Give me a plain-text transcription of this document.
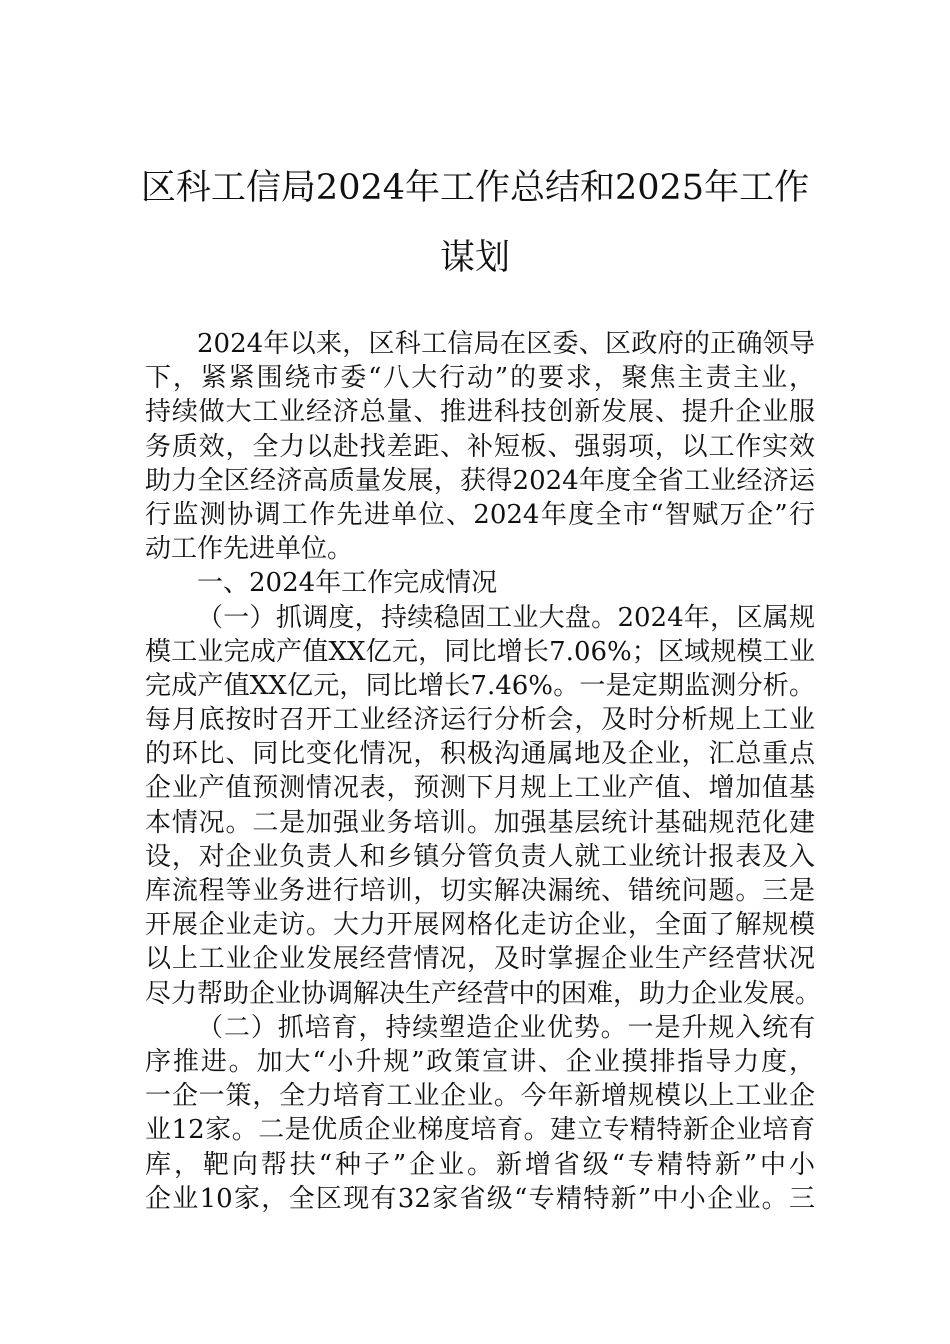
区科工信局2024年工作总结和2025年工作
谋划
2024年以来，区科工信局在区委、区政府的正确领导
下，紧紧围绕市委“八大行动”的要求，聚焦主责主业，
持续做大工业经济总量、推进科技创新发展、提升企业服
务质效，全力以赴找差距、补短板、强弱项，以工作实效
助力全区经济高质量发展，获得2024年度全省工业经济运
行监测协调工作先进单位、2024年度全市“智赋万企”行
动工作先进单位。
一、2024年工作完成情况
（一）抓调度，持续稳固工业大盘。2024年，区属规
模工业完成产值XX亿元，同比增长7.06%；区域规模工业
完成产值XX亿元，同比增长7.46%。一是定期监测分析。
每月底按时召开工业经济运行分析会，及时分析规上工业
的环比、同比变化情况，积极沟通属地及企业，汇总重点
企业产值预测情况表，预测下月规上工业产值、增加值基
本情况。二是加强业务培训。加强基层统计基础规范化建
设，对企业负责人和乡镇分管负责人就工业统计报表及入
库流程等业务进行培训，切实解决漏统、错统问题。三是
开展企业走访。大力开展网格化走访企业，全面了解规模
以上工业企业发展经营情况，及时掌握企业生产经营状况
尽力帮助企业协调解决生产经营中的困难，助力企业发展。
（二）抓培育，持续塑造企业优势。一是升规入统有
序推进。加大“小升规”政策宣讲、企业摸排指导力度，
一企一策，全力培育工业企业。今年新增规模以上工业企
业12家。二是优质企业梯度培育。建立专精特新企业培育
库，靶向帮扶“种子”企业。新增省级“专精特新”中小
企业10家，全区现有32家省级“专精特新”中小企业。三
